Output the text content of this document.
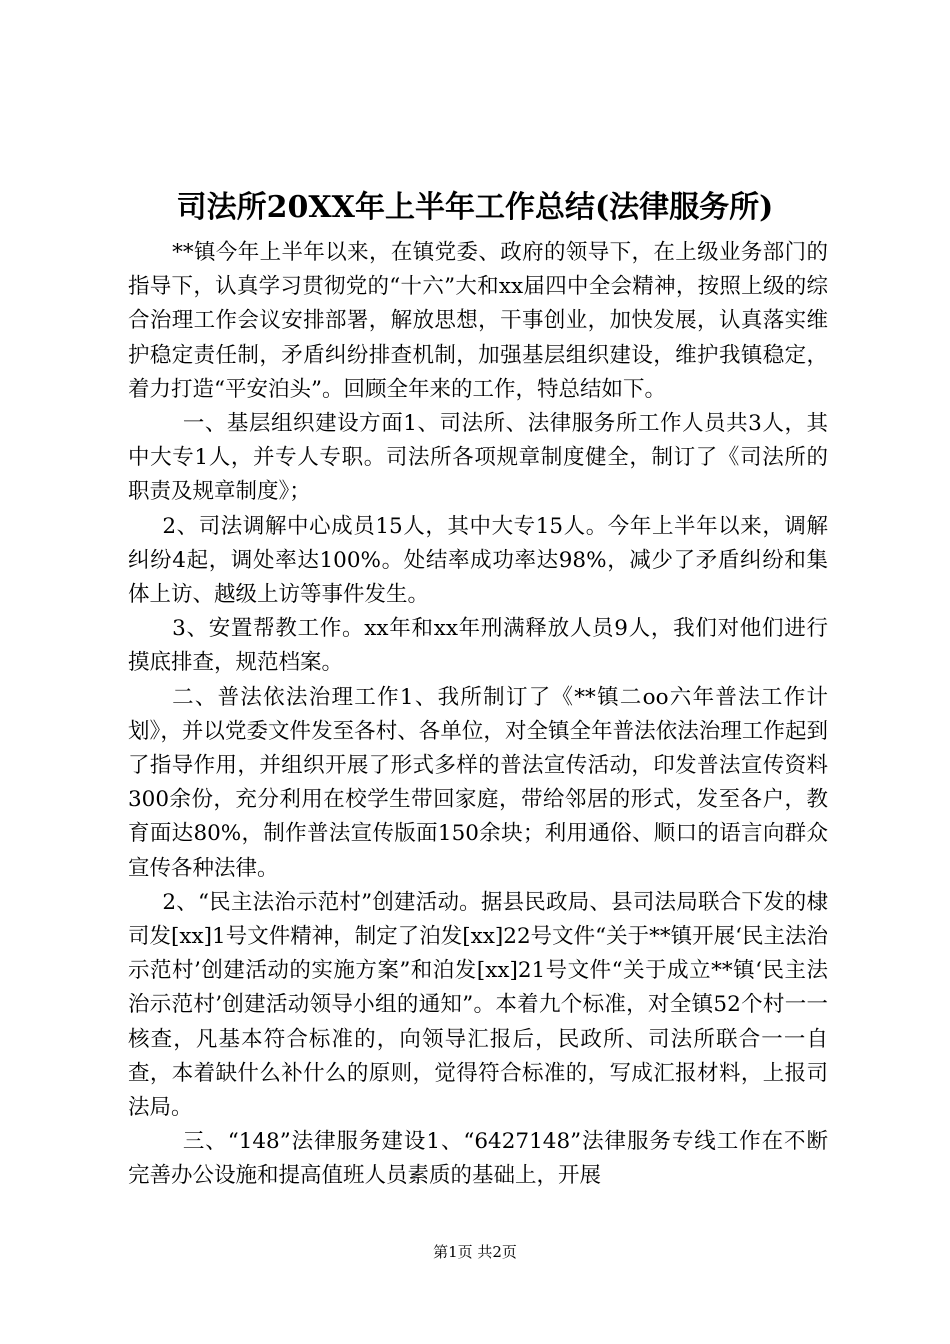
司法所20XX年上半年工作总结(法律服务所)

**镇今年上半年以来，在镇党委、政府的领导下，在上级业务部门的指导下，认真学习贯彻党的“十六”大和xx届四中全会精神，按照上级的综合治理工作会议安排部署，解放思想，干事创业，加快发展，认真落实维护稳定责任制，矛盾纠纷排查机制，加强基层组织建设，维护我镇稳定，着力打造“平安泊头”。回顾全年来的工作，特总结如下。

一、基层组织建设方面1、司法所、法律服务所工作人员共3人，其中大专1人，并专人专职。司法所各项规章制度健全，制订了《司法所的职责及规章制度》；

2、司法调解中心成员15人，其中大专15人。今年上半年以来，调解纠纷4起，调处率达100%。处结率成功率达98%，减少了矛盾纠纷和集体上访、越级上访等事件发生。

3、安置帮教工作。xx年和xx年刑满释放人员9人，我们对他们进行摸底排查，规范档案。

二、普法依法治理工作1、我所制订了《**镇二oo六年普法工作计划》，并以党委文件发至各村、各单位，对全镇全年普法依法治理工作起到了指导作用，并组织开展了形式多样的普法宣传活动，印发普法宣传资料300余份，充分利用在校学生带回家庭，带给邻居的形式，发至各户，教育面达80%，制作普法宣传版面150余块；利用通俗、顺口的语言向群众宣传各种法律。

2、“民主法治示范村”创建活动。据县民政局、县司法局联合下发的棣司发[xx]1号文件精神，制定了泊发[xx]22号文件“关于**镇开展‘民主法治示范村’创建活动的实施方案”和泊发[xx]21号文件“关于成立**镇‘民主法治示范村’创建活动领导小组的通知”。本着九个标准，对全镇52个村一一核查，凡基本符合标准的，向领导汇报后，民政所、司法所联合一一自查，本着缺什么补什么的原则，觉得符合标准的，写成汇报材料，上报司法局。

三、“148”法律服务建设1、“6427148”法律服务专线工作在不断完善办公设施和提高值班人员素质的基础上，开展

第1页 共2页
